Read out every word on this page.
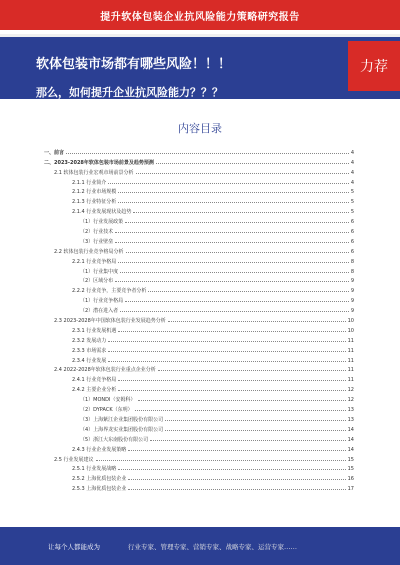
提升软体包装企业抗风险能力策略研究报告
软体包装市场都有哪些风险！！！
那么，如何提升企业抗风险能力？？？
力荐
内容目录
一、前言	4
二、2023-2028年软体包装市场前景及趋势预测	4
2.1 软体包装行业宏观市场前景分析	4
2.1.1 行业简介	4
2.1.2 行业市场规模	5
2.1.3 行业特征分析	5
2.1.4 行业发展现状及趋势	5
（1）行业发展政策	6
（2）行业技术	6
（3）行业壁垒	6
2.2 软体包装行业竞争格局分析	6
2.2.1 行业竞争格局	8
（1）行业集中度	8
（2）区域分布	9
2.2.2 行业竞争，主要竞争者分析	9
（1）行业竞争格局	9
（2）潜在进入者	9
2.3 2023-2028年中国软体包装行业发展趋势分析	10
2.3.1 行业发展机遇	10
2.3.2 发展动力	11
2.3.3 市场需求	11
2.3.4 行业发展	11
2.4 2022-2028年软体包装行业重点企业分析	11
2.4.1 行业竞争格局	11
2.4.2 主要企业分析	12
（1）MONDI（安姆科）	12
（2）DYPACK（东明）	13
（3）上海紫江企业集团股份有限公司	13
（4）上海界龙实业集团股份有限公司	14
（5）浙江大东南股份有限公司	14
2.4.3 行业企业发展策略	14
2.5 行业发展建议	15
2.5.1 行业发展战略	15
2.5.2 上海优质包装企业	16
2.5.3 上海优质包装企业	17
让每个人都能成为	行业专家、管理专家、营销专家、战略专家、运营专家……
